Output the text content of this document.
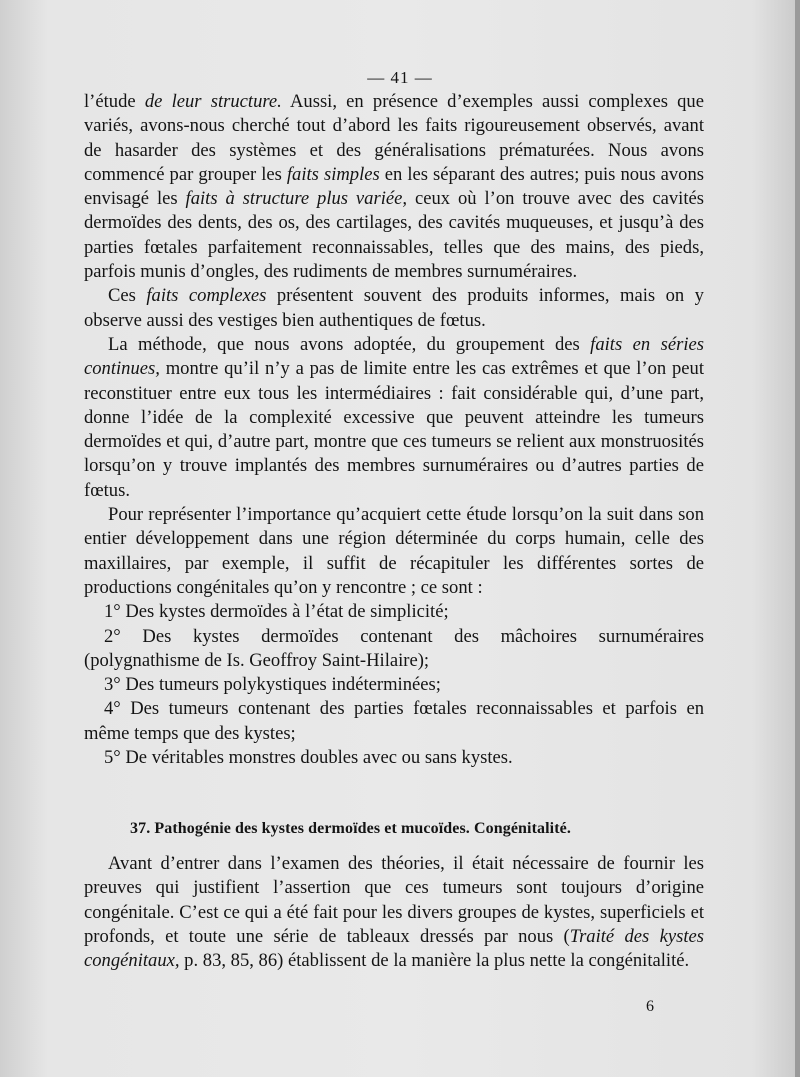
— 41 —

l’étude de leur structure. Aussi, en présence d’exemples aussi complexes que variés, avons-nous cherché tout d’abord les faits rigoureusement observés, avant de hasarder des systèmes et des généralisations prématurées. Nous avons commencé par grouper les faits simples en les séparant des autres; puis nous avons envisagé les faits à structure plus variée, ceux où l’on trouve avec des cavités dermoïdes des dents, des os, des cartilages, des cavités muqueuses, et jusqu’à des parties fœtales parfaitement reconnaissables, telles que des mains, des pieds, parfois munis d’ongles, des rudiments de membres surnuméraires.

Ces faits complexes présentent souvent des produits informes, mais on y observe aussi des vestiges bien authentiques de fœtus.

La méthode, que nous avons adoptée, du groupement des faits en séries continues, montre qu’il n’y a pas de limite entre les cas extrêmes et que l’on peut reconstituer entre eux tous les intermédiaires : fait considérable qui, d’une part, donne l’idée de la complexité excessive que peuvent atteindre les tumeurs dermoïdes et qui, d’autre part, montre que ces tumeurs se relient aux monstruosités lorsqu’on y trouve implantés des membres surnuméraires ou d’autres parties de fœtus.

Pour représenter l’importance qu’acquiert cette étude lorsqu’on la suit dans son entier développement dans une région déterminée du corps humain, celle des maxillaires, par exemple, il suffit de récapituler les différentes sortes de productions congénitales qu’on y rencontre ; ce sont :

1° Des kystes dermoïdes à l’état de simplicité;

2° Des kystes dermoïdes contenant des mâchoires surnuméraires (polygnathisme de Is. Geoffroy Saint-Hilaire);

3° Des tumeurs polykystiques indéterminées;

4° Des tumeurs contenant des parties fœtales reconnaissables et parfois en même temps que des kystes;

5° De véritables monstres doubles avec ou sans kystes.

37. Pathogénie des kystes dermoïdes et mucoïdes. Congénitalité.

Avant d’entrer dans l’examen des théories, il était nécessaire de fournir les preuves qui justifient l’assertion que ces tumeurs sont toujours d’origine congénitale. C’est ce qui a été fait pour les divers groupes de kystes, superficiels et profonds, et toute une série de tableaux dressés par nous (Traité des kystes congénitaux, p. 83, 85, 86) établissent de la manière la plus nette la congénitalité.

6
